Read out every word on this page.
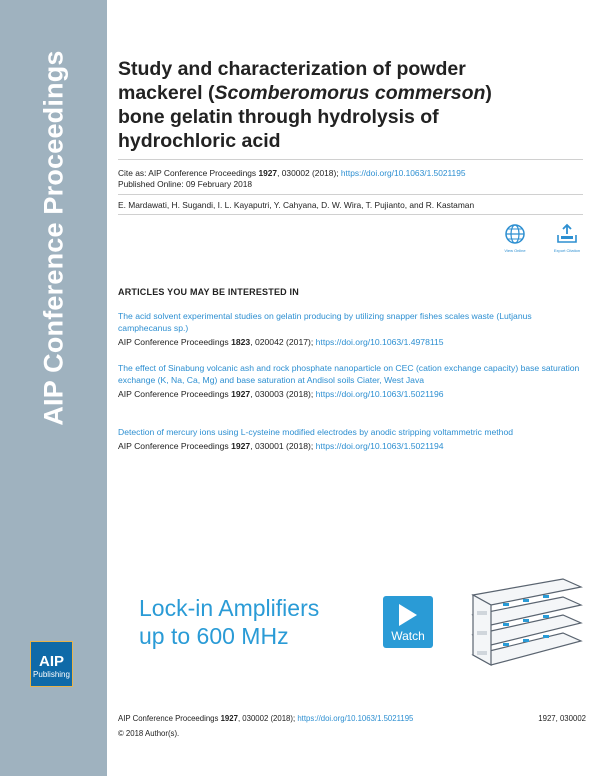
AIP Conference Proceedings
AIP
Publishing
Study and characterization of powder
mackerel (Scomberomorus commerson)
bone gelatin through hydrolysis of
hydrochloric acid
Cite as: AIP Conference Proceedings 1927, 030002 (2018); https://doi.org/10.1063/1.5021195
Published Online: 09 February 2018
E. Mardawati, H. Sugandi, I. L. Kayaputri, Y. Cahyana, D. W. Wira, T. Pujianto, and R. Kastaman
View Online	Export Citation
ARTICLES YOU MAY BE INTERESTED IN
The acid solvent experimental studies on gelatin producing by utilizing snapper fishes scales waste (Lutjanus camphecanus sp.)
AIP Conference Proceedings 1823, 020042 (2017); https://doi.org/10.1063/1.4978115
The effect of Sinabung volcanic ash and rock phosphate nanoparticle on CEC (cation exchange capacity) base saturation exchange (K, Na, Ca, Mg) and base saturation at Andisol soils Ciater, West Java
AIP Conference Proceedings 1927, 030003 (2018); https://doi.org/10.1063/1.5021196
Detection of mercury ions using L-cysteine modified electrodes by anodic stripping voltammetric method
AIP Conference Proceedings 1927, 030001 (2018); https://doi.org/10.1063/1.5021194
Lock-in Amplifiers
up to 600 MHz	Watch
AIP Conference Proceedings 1927, 030002 (2018); https://doi.org/10.1063/1.5021195	1927, 030002
© 2018 Author(s).
